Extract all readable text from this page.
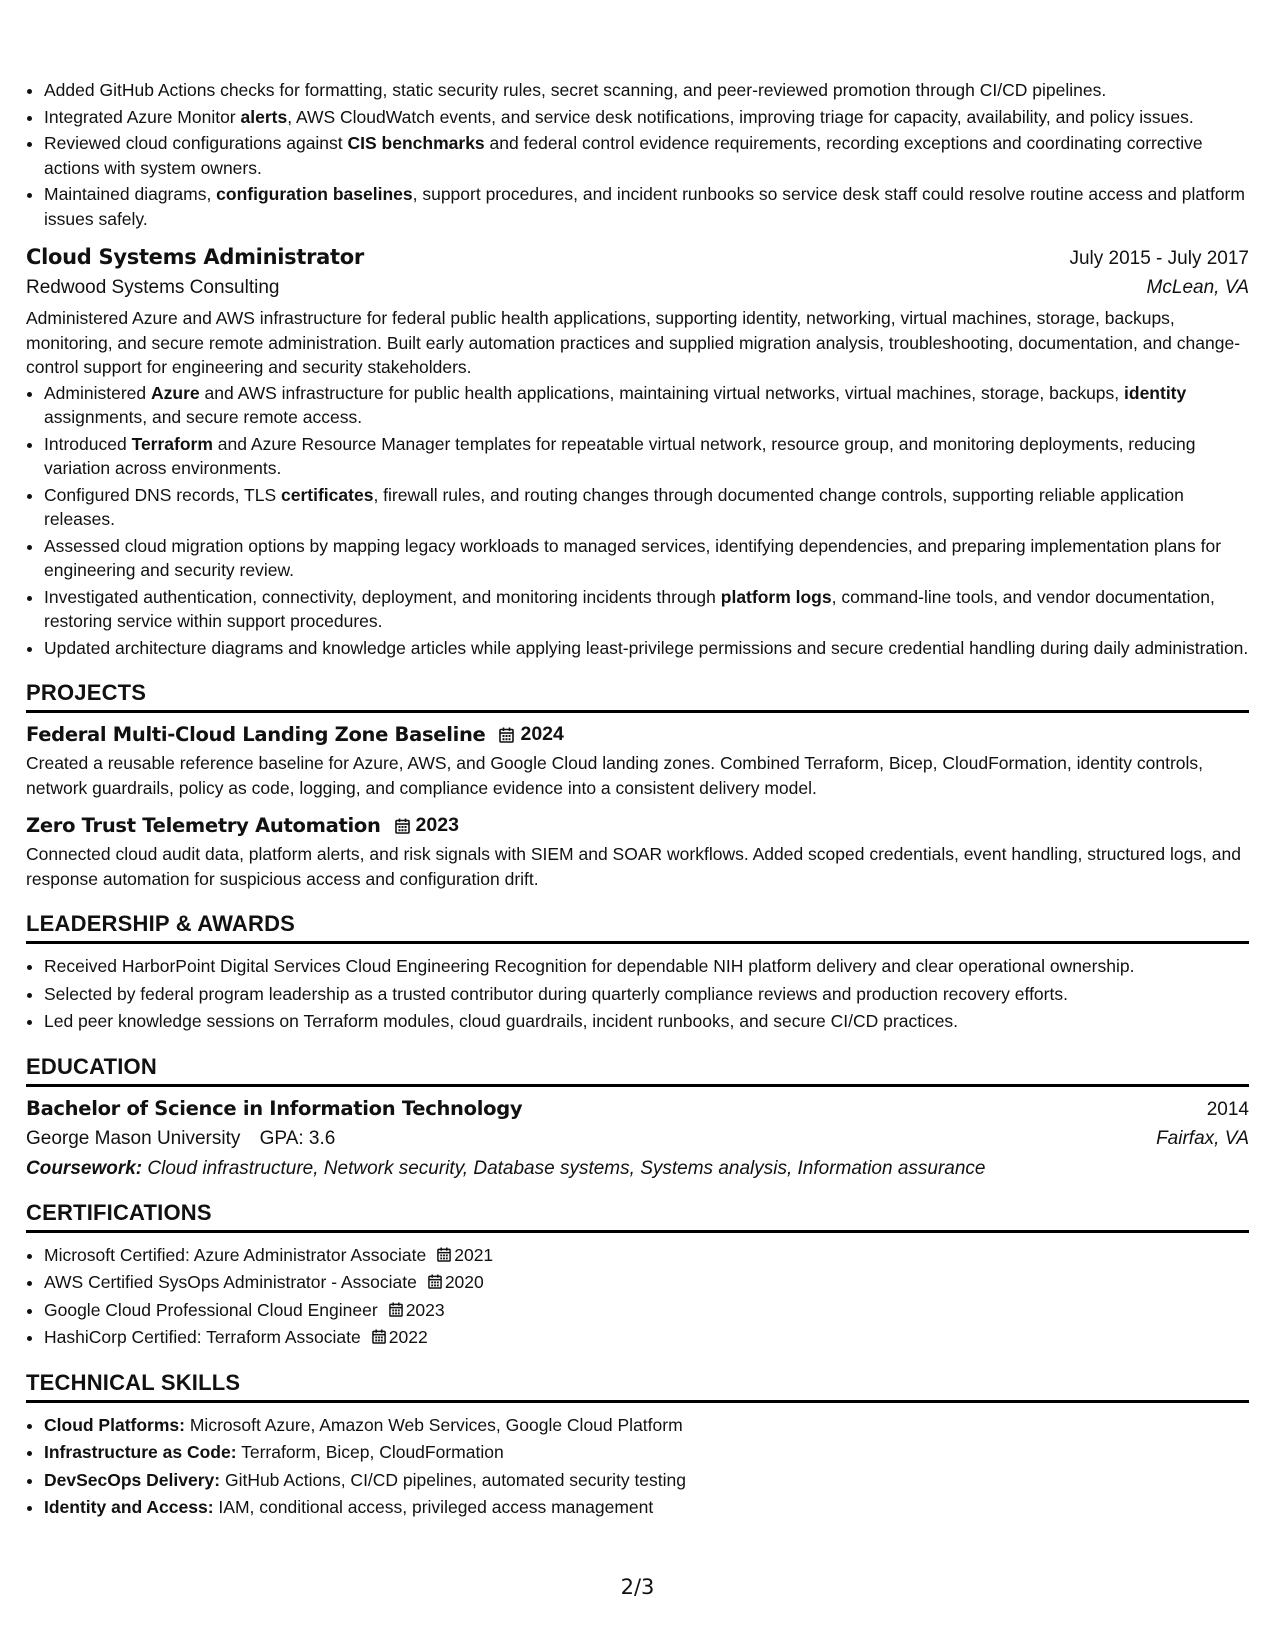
• Added GitHub Actions checks for formatting, static security rules, secret scanning, and peer-reviewed promotion through CI/CD pipelines.
• Integrated Azure Monitor alerts, AWS CloudWatch events, and service desk notifications, improving triage for capacity, availability, and policy issues.
• Reviewed cloud configurations against CIS benchmarks and federal control evidence requirements, recording exceptions and coordinating corrective actions with system owners.
• Maintained diagrams, configuration baselines, support procedures, and incident runbooks so service desk staff could resolve routine access and platform issues safely.
Cloud Systems Administrator	July 2015 - July 2017
Redwood Systems Consulting	McLean, VA
Administered Azure and AWS infrastructure for federal public health applications, supporting identity, networking, virtual machines, storage, backups, monitoring, and secure remote administration. Built early automation practices and supplied migration analysis, troubleshooting, documentation, and change-control support for engineering and security stakeholders.
• Administered Azure and AWS infrastructure for public health applications, maintaining virtual networks, virtual machines, storage, backups, identity assignments, and secure remote access.
• Introduced Terraform and Azure Resource Manager templates for repeatable virtual network, resource group, and monitoring deployments, reducing variation across environments.
• Configured DNS records, TLS certificates, firewall rules, and routing changes through documented change controls, supporting reliable application releases.
• Assessed cloud migration options by mapping legacy workloads to managed services, identifying dependencies, and preparing implementation plans for engineering and security review.
• Investigated authentication, connectivity, deployment, and monitoring incidents through platform logs, command-line tools, and vendor documentation, restoring service within support procedures.
• Updated architecture diagrams and knowledge articles while applying least-privilege permissions and secure credential handling during daily administration.
PROJECTS
Federal Multi-Cloud Landing Zone Baseline 2024
Created a reusable reference baseline for Azure, AWS, and Google Cloud landing zones. Combined Terraform, Bicep, CloudFormation, identity controls, network guardrails, policy as code, logging, and compliance evidence into a consistent delivery model.
Zero Trust Telemetry Automation 2023
Connected cloud audit data, platform alerts, and risk signals with SIEM and SOAR workflows. Added scoped credentials, event handling, structured logs, and response automation for suspicious access and configuration drift.
LEADERSHIP & AWARDS
• Received HarborPoint Digital Services Cloud Engineering Recognition for dependable NIH platform delivery and clear operational ownership.
• Selected by federal program leadership as a trusted contributor during quarterly compliance reviews and production recovery efforts.
• Led peer knowledge sessions on Terraform modules, cloud guardrails, incident runbooks, and secure CI/CD practices.
EDUCATION
Bachelor of Science in Information Technology	2014
George Mason University GPA: 3.6	Fairfax, VA
Coursework: Cloud infrastructure, Network security, Database systems, Systems analysis, Information assurance
CERTIFICATIONS
• Microsoft Certified: Azure Administrator Associate 2021
• AWS Certified SysOps Administrator - Associate 2020
• Google Cloud Professional Cloud Engineer 2023
• HashiCorp Certified: Terraform Associate 2022
TECHNICAL SKILLS
• Cloud Platforms: Microsoft Azure, Amazon Web Services, Google Cloud Platform
• Infrastructure as Code: Terraform, Bicep, CloudFormation
• DevSecOps Delivery: GitHub Actions, CI/CD pipelines, automated security testing
• Identity and Access: IAM, conditional access, privileged access management
2/3
